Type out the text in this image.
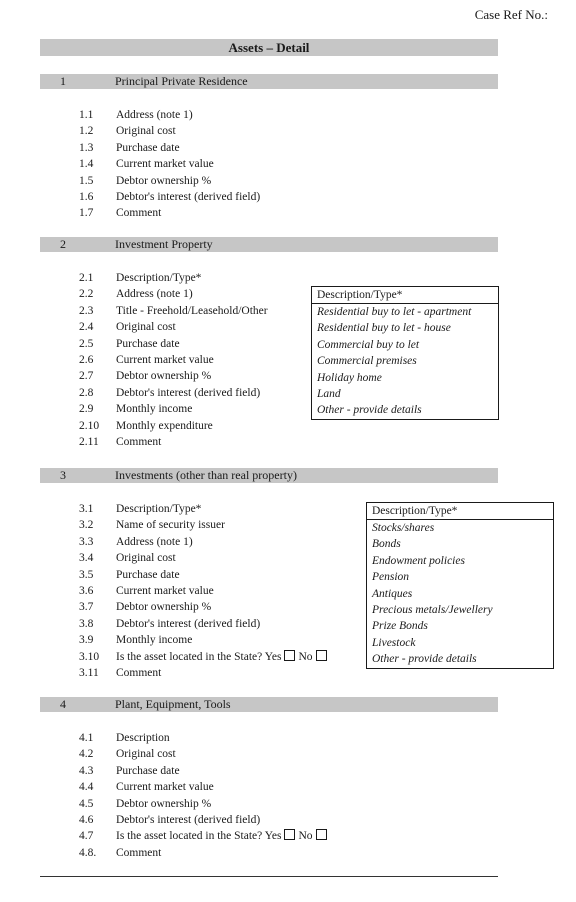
Case Ref No.:
Assets – Detail
1	Principal Private Residence
1.1 Address (note 1)
1.2 Original cost
1.3 Purchase date
1.4 Current market value
1.5 Debtor ownership %
1.6 Debtor's interest (derived field)
1.7 Comment
2	Investment Property
2.1 Description/Type*
2.2 Address (note 1)
2.3 Title - Freehold/Leasehold/Other
2.4 Original cost
2.5 Purchase date
2.6 Current market value
2.7 Debtor ownership %
2.8 Debtor's interest (derived field)
2.9 Monthly income
2.10 Monthly expenditure
2.11 Comment
Description/Type*
Residential buy to let - apartment
Residential buy to let - house
Commercial buy to let
Commercial premises
Holiday home
Land
Other - provide details
3	Investments (other than real property)
3.1 Description/Type*
3.2 Name of security issuer
3.3 Address (note 1)
3.4 Original cost
3.5 Purchase date
3.6 Current market value
3.7 Debtor ownership %
3.8 Debtor's interest (derived field)
3.9 Monthly income
3.10 Is the asset located in the State? Yes No
3.11 Comment
Description/Type*
Stocks/shares
Bonds
Endowment policies
Pension
Antiques
Precious metals/Jewellery
Prize Bonds
Livestock
Other - provide details
4	Plant, Equipment, Tools
4.1 Description
4.2 Original cost
4.3 Purchase date
4.4 Current market value
4.5 Debtor ownership %
4.6 Debtor's interest (derived field)
4.7 Is the asset located in the State? Yes No
4.8. Comment
